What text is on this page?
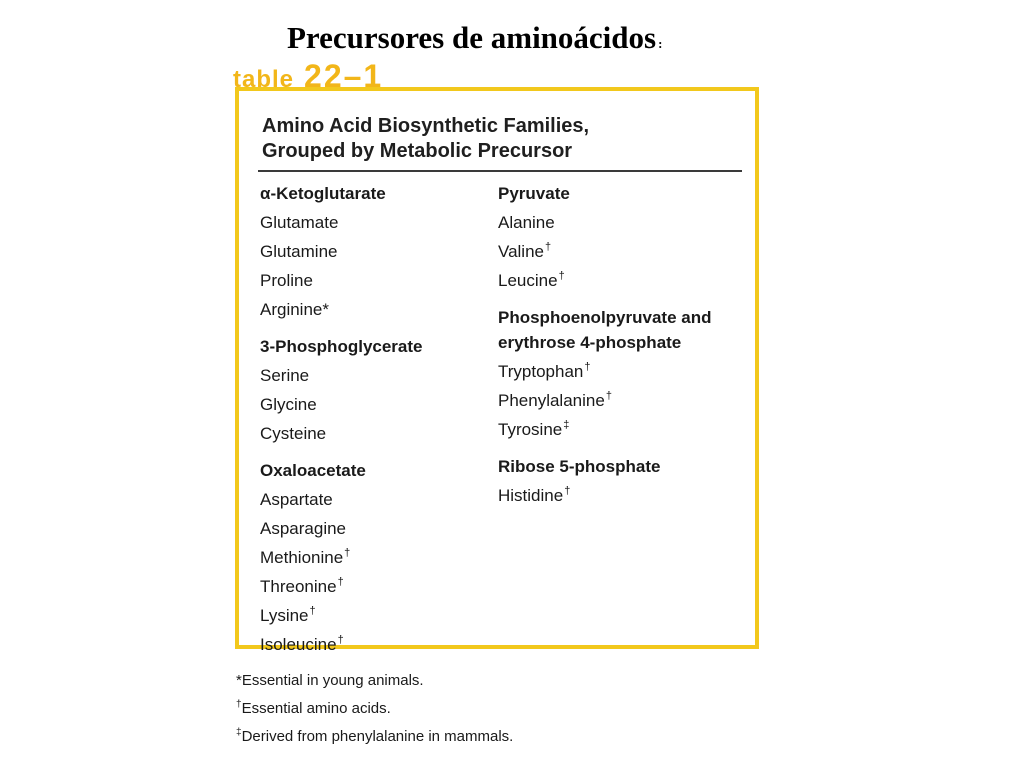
Precursores de aminoácidos :
table 22–1
Amino Acid Biosynthetic Families,
Grouped by Metabolic Precursor
α-Ketoglutarate
Glutamate
Glutamine
Proline
Arginine*
3-Phosphoglycerate
Serine
Glycine
Cysteine
Oxaloacetate
Aspartate
Asparagine
Methionine†
Threonine†
Lysine†
Isoleucine†
Pyruvate
Alanine
Valine†
Leucine†
Phosphoenolpyruvate and
erythrose 4-phosphate
Tryptophan†
Phenylalanine†
Tyrosine‡
Ribose 5-phosphate
Histidine†
*Essential in young animals.
†Essential amino acids.
‡Derived from phenylalanine in mammals.
